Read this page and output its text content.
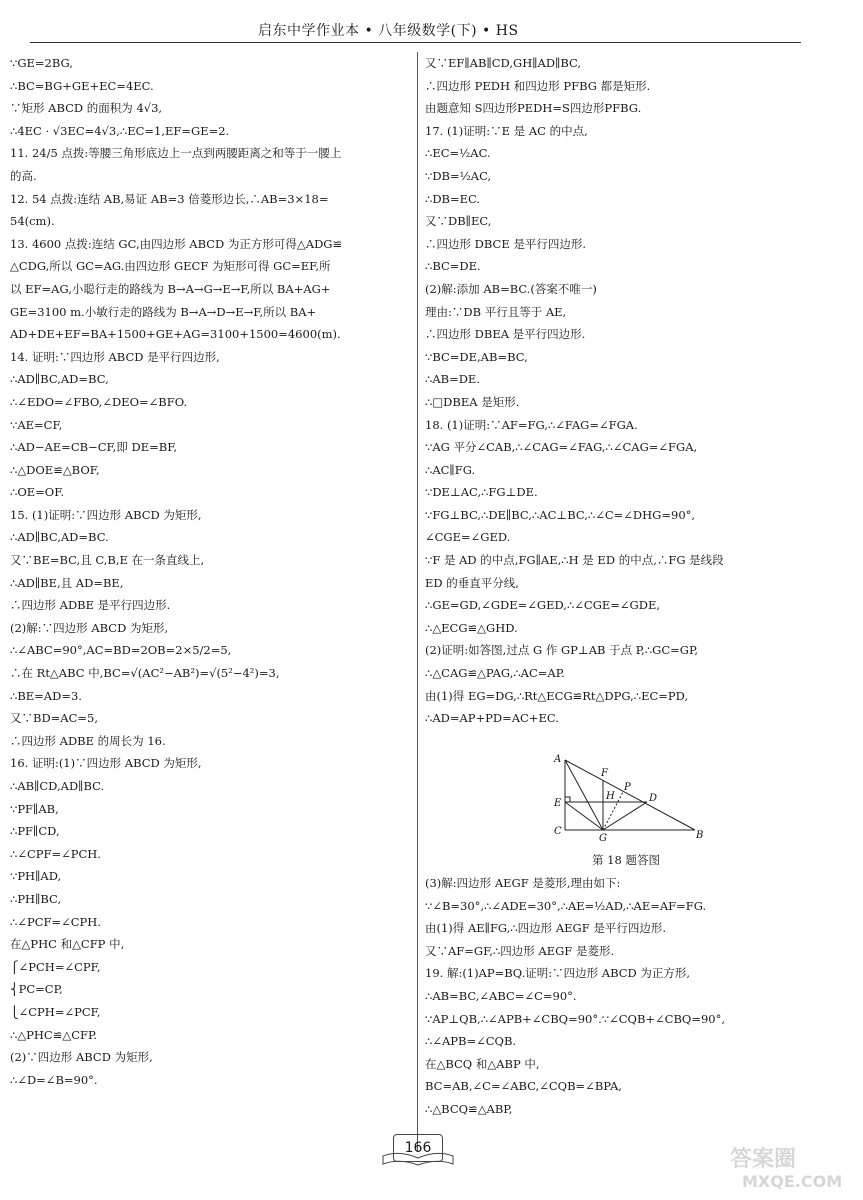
启东中学作业本 • 八年级数学(下) • HS
∵GE=2BG,
∴BC=BG+GE+EC=4EC.
∵矩形 ABCD 的面积为 4√3,
∴4EC · √3EC=4√3,∴EC=1,EF=GE=2.
11. 24/5 点拨:等腰三角形底边上一点到两腰距离之和等于一腰上
的高.
12. 54 点拨:连结 AB,易证 AB=3 倍菱形边长,∴AB=3×18=
54(cm).
13. 4600 点拨:连结 GC,由四边形 ABCD 为正方形可得△ADG≌
△CDG,所以 GC=AG.由四边形 GECF 为矩形可得 GC=EF,所
以 EF=AG,小聪行走的路线为 B→A→G→E→F,所以 BA+AG+
GE=3100 m.小敏行走的路线为 B→A→D→E→F,所以 BA+
AD+DE+EF=BA+1500+GE+AG=3100+1500=4600(m).
14. 证明:∵四边形 ABCD 是平行四边形,
∴AD∥BC,AD=BC,
∴∠EDO=∠FBO,∠DEO=∠BFO.
∵AE=CF,
∴AD−AE=CB−CF,即 DE=BF,
∴△DOE≌△BOF,
∴OE=OF.
15. (1)证明:∵四边形 ABCD 为矩形,
∴AD∥BC,AD=BC.
又∵BE=BC,且 C,B,E 在一条直线上,
∴AD∥BE,且 AD=BE,
∴四边形 ADBE 是平行四边形.
(2)解:∵四边形 ABCD 为矩形,
∴∠ABC=90°,AC=BD=2OB=2×5/2=5,
∴在 Rt△ABC 中,BC=√(AC²−AB²)=√(5²−4²)=3,
∴BE=AD=3.
又∵BD=AC=5,
∴四边形 ADBE 的周长为 16.
16. 证明:(1)∵四边形 ABCD 为矩形,
∴AB∥CD,AD∥BC.
∵PF∥AB,
∴PF∥CD,
∴∠CPF=∠PCH.
∵PH∥AD,
∴PH∥BC,
∴∠PCF=∠CPH.
在△PHC 和△CFP 中,
⎧∠PCH=∠CPF,
⎨PC=CP,
⎩∠CPH=∠PCF,
∴△PHC≌△CFP.
(2)∵四边形 ABCD 为矩形,
∴∠D=∠B=90°.
又∵EF∥AB∥CD,GH∥AD∥BC,
∴四边形 PEDH 和四边形 PFBG 都是矩形.
由题意知 S四边形PEDH=S四边形PFBG.
17. (1)证明:∵E 是 AC 的中点,
∴EC=½AC.
∵DB=½AC,
∴DB=EC.
又∵DB∥EC,
∴四边形 DBCE 是平行四边形.
∴BC=DE.
(2)解:添加 AB=BC.(答案不唯一)
理由:∵DB 平行且等于 AE,
∴四边形 DBEA 是平行四边形.
∵BC=DE,AB=BC,
∴AB=DE.
∴□DBEA 是矩形.
18. (1)证明:∵AF=FG,∴∠FAG=∠FGA.
∵AG 平分∠CAB,∴∠CAG=∠FAG,∴∠CAG=∠FGA,
∴AC∥FG.
∵DE⊥AC,∴FG⊥DE.
∵FG⊥BC,∴DE∥BC,∴AC⊥BC,∴∠C=∠DHG=90°,
∠CGE=∠GED.
∵F 是 AD 的中点,FG∥AE,∴H 是 ED 的中点,∴FG 是线段
ED 的垂直平分线,
∴GE=GD,∠GDE=∠GED,∴∠CGE=∠GDE,
∴△ECG≌△GHD.
(2)证明:如答图,过点 G 作 GP⊥AB 于点 P,∴GC=GP,
∴△CAG≌△PAG,∴AC=AP.
由(1)得 EG=DG,∴Rt△ECG≌Rt△DPG,∴EC=PD,
∴AD=AP+PD=AC+EC.
A
F
P
H	D
E
C
G	B
第 18 题答图
(3)解:四边形 AEGF 是菱形,理由如下:
∵∠B=30°,∴∠ADE=30°,∴AE=½AD,∴AE=AF=FG.
由(1)得 AE∥FG,∴四边形 AEGF 是平行四边形.
又∵AF=GF,∴四边形 AEGF 是菱形.
19. 解:(1)AP=BQ.证明:∵四边形 ABCD 为正方形,
∴AB=BC,∠ABC=∠C=90°.
∵AP⊥QB,∴∠APB+∠CBQ=90°.∵∠CQB+∠CBQ=90°,
∴∠APB=∠CQB.
在△BCQ 和△ABP 中,
BC=AB,∠C=∠ABC,∠CQB=∠BPA,
∴△BCQ≌△ABP,
166	答案圈
MXQE.COM
